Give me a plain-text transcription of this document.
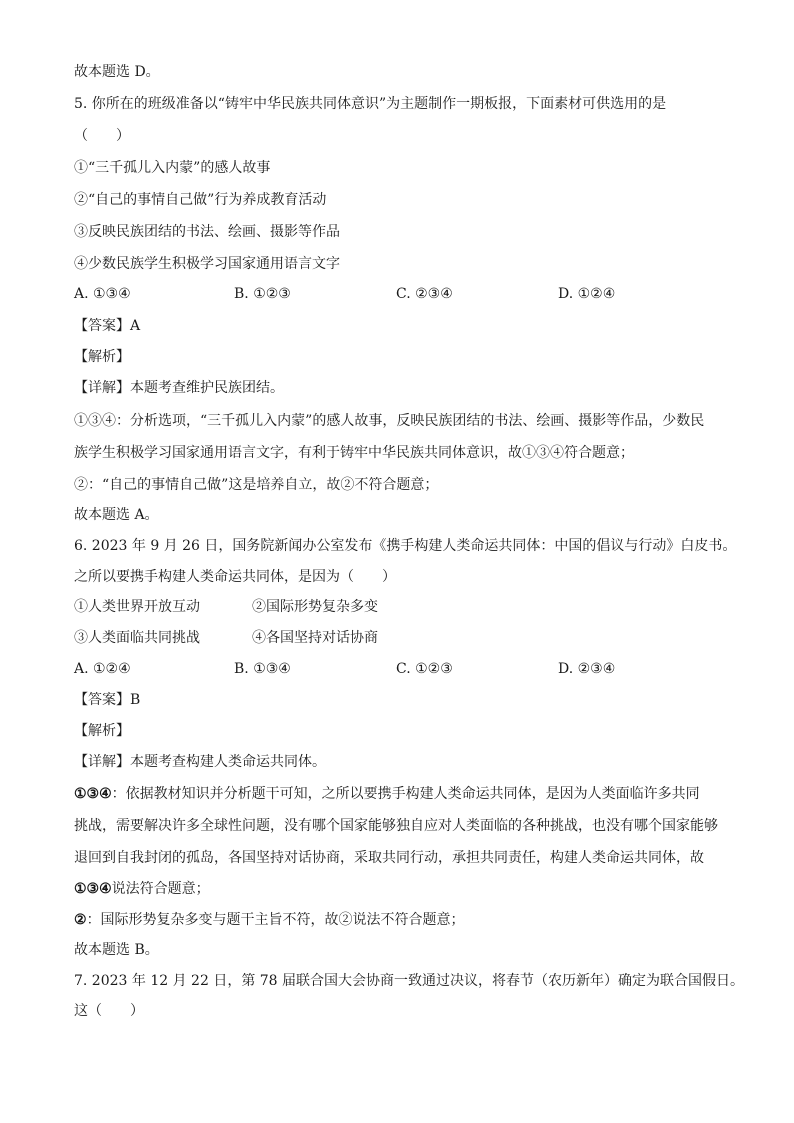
故本题选 D。
5. 你所在的班级准备以“铸牢中华民族共同体意识”为主题制作一期板报，下面素材可供选用的是
（　　）
①“三千孤儿入内蒙”的感人故事
②“自己的事情自己做”行为养成教育活动
③反映民族团结的书法、绘画、摄影等作品
④少数民族学生积极学习国家通用语言文字
A. ①③④	B. ①②③	C. ②③④	D. ①②④
【答案】A
【解析】
【详解】本题考查维护民族团结。
①③④：分析选项，“三千孤儿入内蒙”的感人故事，反映民族团结的书法、绘画、摄影等作品，少数民
族学生积极学习国家通用语言文字，有利于铸牢中华民族共同体意识，故①③④符合题意；
②：“自己的事情自己做”这是培养自立，故②不符合题意；
故本题选 A。
6. 2023 年 9 月 26 日，国务院新闻办公室发布《携手构建人类命运共同体：中国的倡议与行动》白皮书。
之所以要携手构建人类命运共同体，是因为（　　）
①人类世界开放互动	②国际形势复杂多变
③人类面临共同挑战	④各国坚持对话协商
A. ①②④	B. ①③④	C. ①②③	D. ②③④
【答案】B
【解析】
【详解】本题考查构建人类命运共同体。
①③④：依据教材知识并分析题干可知，之所以要携手构建人类命运共同体，是因为人类面临许多共同
挑战，需要解决许多全球性问题，没有哪个国家能够独自应对人类面临的各种挑战，也没有哪个国家能够
退回到自我封闭的孤岛，各国坚持对话协商，采取共同行动，承担共同责任，构建人类命运共同体，故
①③④说法符合题意；
②：国际形势复杂多变与题干主旨不符，故②说法不符合题意；
故本题选 B。
7. 2023 年 12 月 22 日，第 78 届联合国大会协商一致通过决议，将春节（农历新年）确定为联合国假日。
这（　　）
